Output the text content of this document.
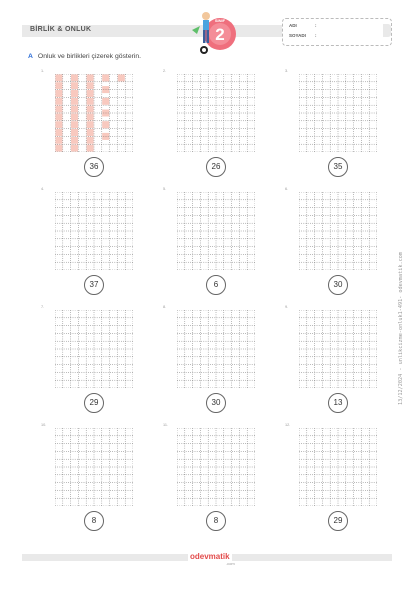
BİRLİK & ONLUK	2
SINIF
ADI	:
SOYADI :
A Onluk ve birlikleri çizerek gösterin.
1.
36
2.
26
3.
35
4.
37
5.
6
6.
30
7.
29
8.
30
9.
13
10.
8
11.
8
12.
29
13/12/2024 - unlikcizme-onluk1-491- odevmatik.com
odevmatik
.com
